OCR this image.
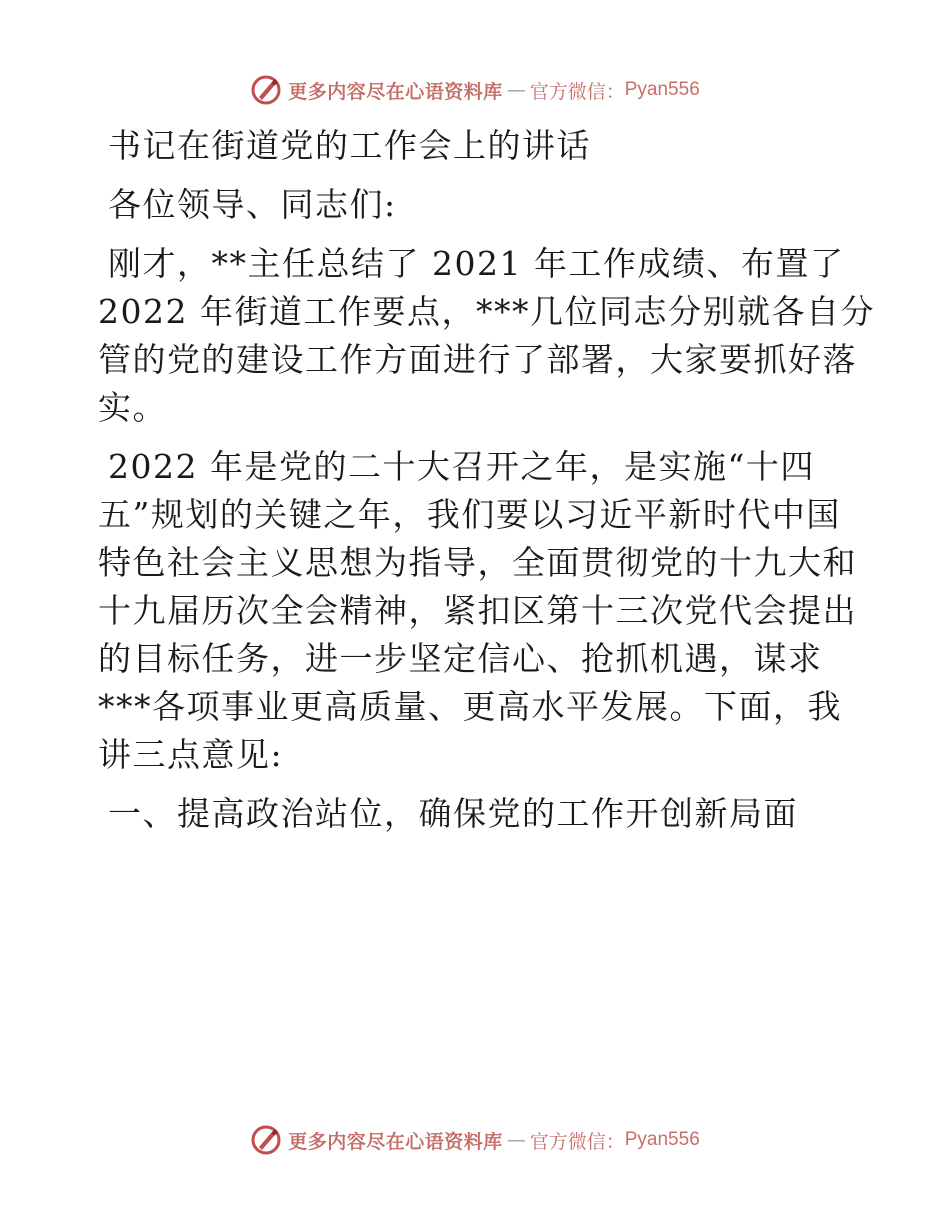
更多内容尽在心语资料库 — 官方微信： Pyan556
书记在街道党的工作会上的讲话
各位领导、同志们:
刚才，**主任总结了 2021 年工作成绩、布置了
2022 年街道工作要点，***几位同志分别就各自分
管的党的建设工作方面进行了部署，大家要抓好落
实。
2022 年是党的二十大召开之年，是实施“十四
五”规划的关键之年，我们要以习近平新时代中国
特色社会主义思想为指导，全面贯彻党的十九大和
十九届历次全会精神，紧扣区第十三次党代会提出
的目标任务，进一步坚定信心、抢抓机遇，谋求
***各项事业更高质量、更高水平发展。下面，我
讲三点意见:
一、提高政治站位，确保党的工作开创新局面
更多内容尽在心语资料库 — 官方微信： Pyan556
